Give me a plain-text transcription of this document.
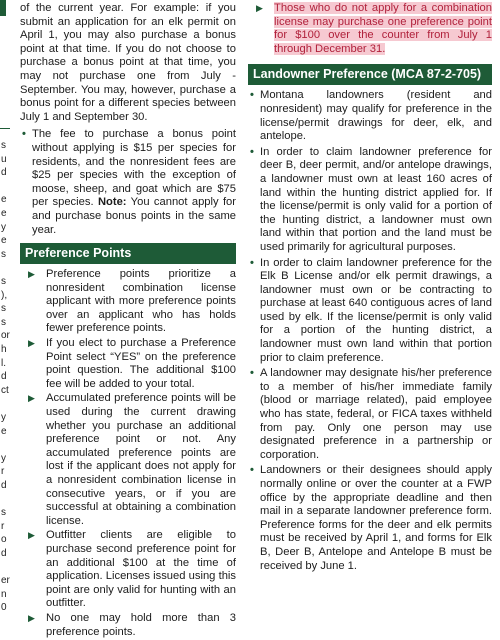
s
u
d
e
e
y
e
s
s
),
s
s
or
h
l.
d
ct
y
e
y
r
d
s
r
o
d
er
n
0
of the current year. For example: if you submit an application for an elk permit on April 1, you may also purchase a bonus point at that time. If you do not choose to purchase a bonus point at that time, you may not purchase one from July - September. You may, however, purchase a bonus point for a different species between July 1 and September 30.
• The fee to purchase a bonus point without applying is $15 per species for residents, and the nonresident fees are $25 per species with the exception of moose, sheep, and goat which are $75 per species. Note: You cannot apply for and purchase bonus points in the same year.
Preference Points
▶ Preference points prioritize a nonresident combination license applicant with more preference points over an applicant who has holds fewer preference points.
▶ If you elect to purchase a Preference Point select “YES” on the preference point question. The additional $100 fee will be added to your total.
▶ Accumulated preference points will be used during the current drawing whether you purchase an additional preference point or not. Any accumulated preference points are lost if the applicant does not apply for a nonresident combination license in consecutive years, or if you are successful at obtaining a combination license.
▶ Outfitter clients are eligible to purchase second preference point for an additional $100 at the time of application. Licenses issued using this point are only valid for hunting with an outfitter.
▶ No one may hold more than 3 preference points.
▶ Those who do not apply for a combination license may purchase one preference point for $100 over the counter from July 1 through December 31.
Landowner Preference (MCA 87-2-705)
• Montana landowners (resident and nonresident) may qualify for preference in the license/permit drawings for deer, elk, and antelope.
• In order to claim landowner preference for deer B, deer permit, and/or antelope drawings, a landowner must own at least 160 acres of land within the hunting district applied for. If the license/permit is only valid for a portion of the hunting district, a landowner must own land within that portion and the land must be used primarily for agricultural purposes.
• In order to claim landowner preference for the Elk B License and/or elk permit drawings, a landowner must own or be contracting to purchase at least 640 contiguous acres of land used by elk. If the license/permit is only valid for a portion of the hunting district, a landowner must own land within that portion prior to claim preference.
• A landowner may designate his/her preference to a member of his/her immediate family (blood or marriage related), paid employee who has state, federal, or FICA taxes withheld from pay. Only one person may use designated preference in a partnership or corporation.
• Landowners or their designees should apply normally online or over the counter at a FWP office by the appropriate deadline and then mail in a separate landowner preference form. Preference forms for the deer and elk permits must be received by April 1, and forms for Elk B, Deer B, Antelope and Antelope B must be received by June 1.
